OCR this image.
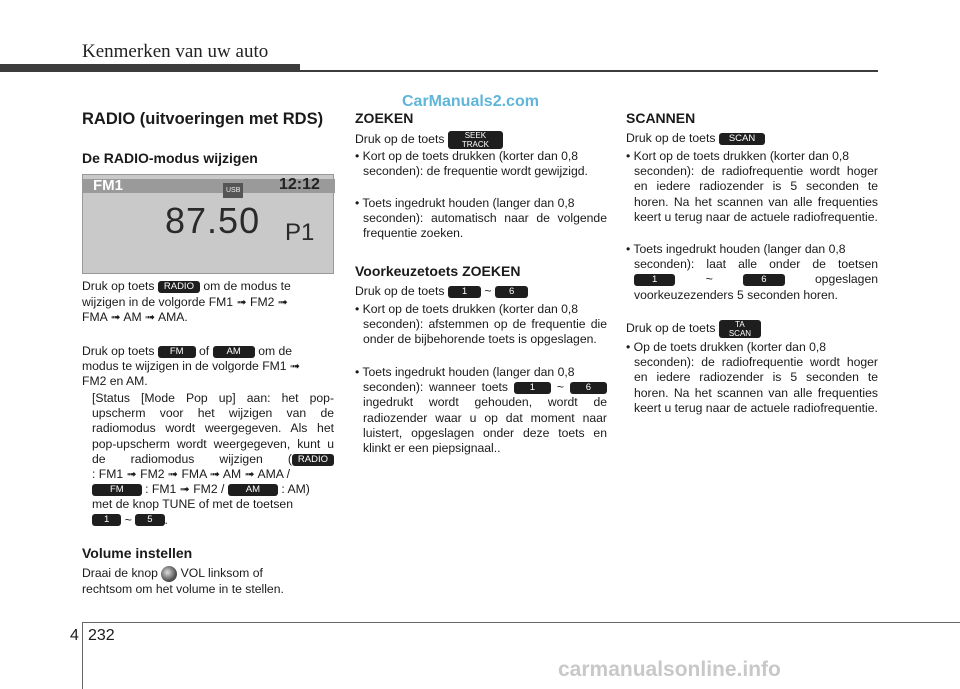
Kenmerken van uw auto
CarManuals2.com
RADIO (uitvoeringen met RDS)
De RADIO-modus wijzigen
FM1	USB 12:12
87.50 P1
Druk op toets RADIO om de modus te
wijzigen in de volgorde FM1 ➟ FM2 ➟
FMA ➟ AM ➟ AMA.
Druk op toets FM of AM om de
modus te wijzigen in de volgorde FM1 ➟
FM2 en AM.
[Status [Mode Pop up] aan: het pop-upscherm voor het wijzigen van de radiomodus wordt weergegeven. Als het pop-upscherm wordt weergegeven, kunt u de radiomodus wijzigen ( RADIO : FM1 ➟ FM2 ➟ FMA ➟ AM ➟ AMA /
FM : FM1 ➟ FM2 / AM : AM)
met de knop TUNE of met de toetsen
1 ~ 5 .
Volume instellen
Draai de knop VOL linksom of
rechtsom om het volume in te stellen.
ZOEKEN
Druk op de toets	SEEK
TRACK
• Kort op de toets drukken (korter dan 0,8
seconden): de frequentie wordt gewijzigd.
• Toets ingedrukt houden (langer dan 0,8
seconden): automatisch naar de volgende frequentie zoeken.
Voorkeuzetoets ZOEKEN
Druk op de toets 1 ~ 6
• Kort op de toets drukken (korter dan 0,8
seconden): afstemmen op de frequentie die onder de bijbehorende toets is opgeslagen.
• Toets ingedrukt houden (langer dan 0,8
seconden): wanneer toets 1 ~ 6 ingedrukt wordt gehouden, wordt de radiozender waar u op dat moment naar luistert, opgeslagen onder deze toets en klinkt er een piepsignaal..
SCANNEN
Druk op de toets SCAN
• Kort op de toets drukken (korter dan 0,8
seconden): de radiofrequentie wordt hoger en iedere radiozender is 5 seconden te horen. Na het scannen van alle frequenties keert u terug naar de actuele radiofrequentie.
• Toets ingedrukt houden (langer dan 0,8
seconden): laat alle onder de toetsen 1	~	6	opgeslagen voorkeuzezenders 5 seconden horen.
Druk op de toets TA
SCAN
• Op de toets drukken (korter dan 0,8
seconden): de radiofrequentie wordt hoger en iedere radiozender is 5 seconden te horen. Na het scannen van alle frequenties keert u terug naar de actuele radiofrequentie.
4 232
carmanualsonline.info
